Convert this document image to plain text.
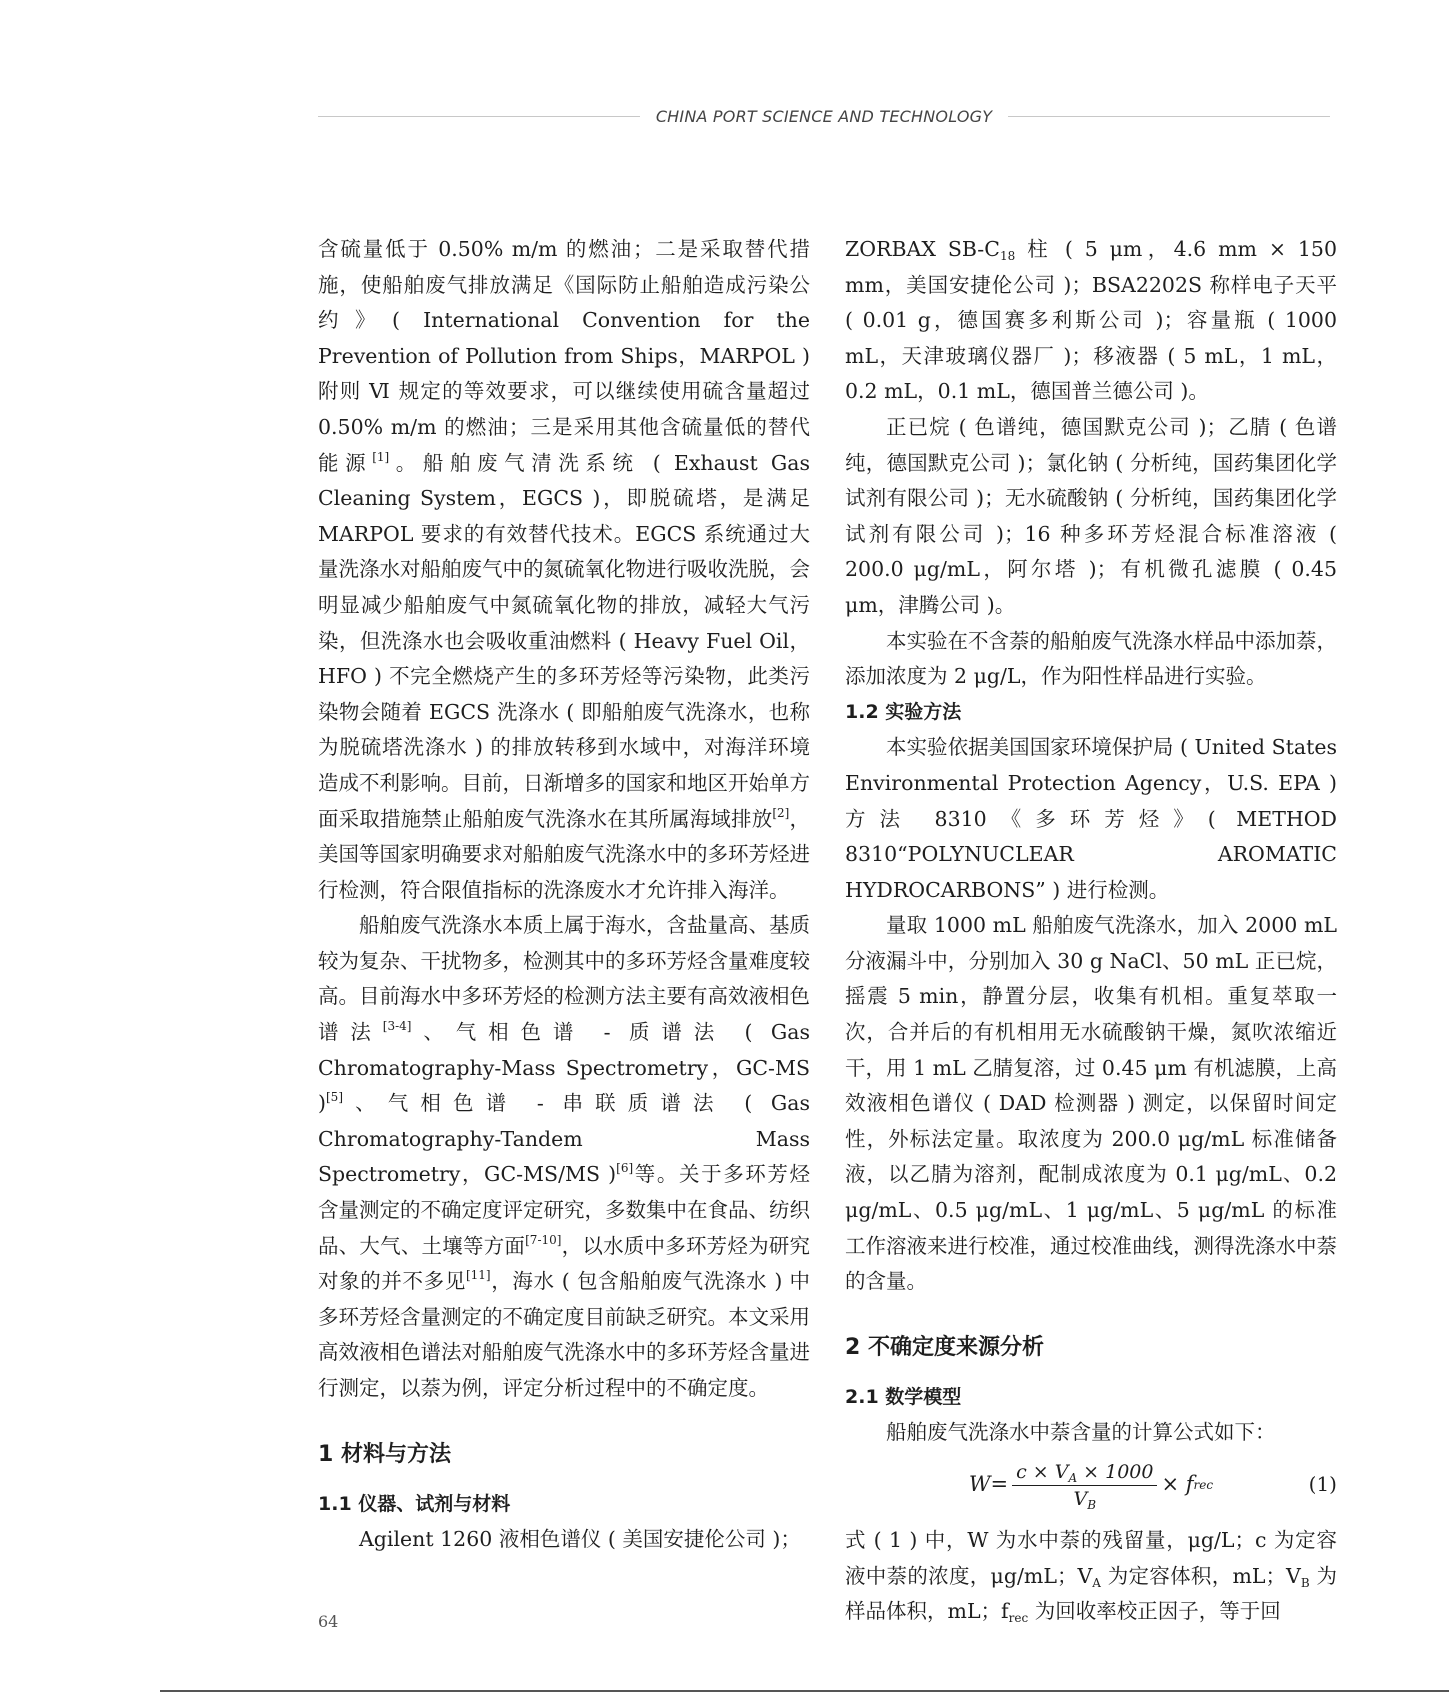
CHINA PORT SCIENCE AND TECHNOLOGY

含硫量低于 0.50% m/m 的燃油；二是采取替代措施，使船舶废气排放满足《国际防止船舶造成污染公约》( International Convention for the Prevention of Pollution from Ships，MARPOL ) 附则 Ⅵ 规定的等效要求，可以继续使用硫含量超过 0.50% m/m 的燃油；三是采用其他含硫量低的替代能源[1]。船舶废气清洗系统 ( Exhaust Gas Cleaning System，EGCS )，即脱硫塔，是满足 MARPOL 要求的有效替代技术。EGCS 系统通过大量洗涤水对船舶废气中的氮硫氧化物进行吸收洗脱，会明显减少船舶废气中氮硫氧化物的排放，减轻大气污染，但洗涤水也会吸收重油燃料 ( Heavy Fuel Oil，HFO ) 不完全燃烧产生的多环芳烃等污染物，此类污染物会随着 EGCS 洗涤水 ( 即船舶废气洗涤水，也称为脱硫塔洗涤水 ) 的排放转移到水域中，对海洋环境造成不利影响。目前，日渐增多的国家和地区开始单方面采取措施禁止船舶废气洗涤水在其所属海域排放[2]，美国等国家明确要求对船舶废气洗涤水中的多环芳烃进行检测，符合限值指标的洗涤废水才允许排入海洋。

船舶废气洗涤水本质上属于海水，含盐量高、基质较为复杂、干扰物多，检测其中的多环芳烃含量难度较高。目前海水中多环芳烃的检测方法主要有高效液相色谱法[3-4]、气相色谱 - 质谱法 ( Gas Chromatography-Mass Spectrometry，GC-MS )[5]、气相色谱 - 串联质谱法 ( Gas Chromatography-Tandem Mass Spectrometry，GC-MS/MS )[6]等。关于多环芳烃含量测定的不确定度评定研究，多数集中在食品、纺织品、大气、土壤等方面[7-10]，以水质中多环芳烃为研究对象的并不多见[11]，海水 ( 包含船舶废气洗涤水 ) 中多环芳烃含量测定的不确定度目前缺乏研究。本文采用高效液相色谱法对船舶废气洗涤水中的多环芳烃含量进行测定，以萘为例，评定分析过程中的不确定度。

1 材料与方法
1.1 仪器、试剂与材料

Agilent 1260 液相色谱仪 ( 美国安捷伦公司 )；

ZORBAX $SB-C_{18}$ 柱 ( 5 μm，4.6 mm × 150 mm，美国安捷伦公司 )；BSA2202S 称样电子天平 ( 0.01 g，德国赛多利斯公司 )；容量瓶 ( 1000 mL，天津玻璃仪器厂 )；移液器 ( 5 mL，1 mL，0.2 mL，0.1 mL，德国普兰德公司 )。

正已烷 ( 色谱纯，德国默克公司 )；乙腈 ( 色谱纯，德国默克公司 )；氯化钠 ( 分析纯，国药集团化学试剂有限公司 )；无水硫酸钠 ( 分析纯，国药集团化学试剂有限公司 )；16 种多环芳烃混合标准溶液 ( 200.0 μg/mL，阿尔塔 )；有机微孔滤膜 ( 0.45 μm，津腾公司 )。

本实验在不含萘的船舶废气洗涤水样品中添加萘，添加浓度为 2 μg/L，作为阳性样品进行实验。

1.2 实验方法

本实验依据美国国家环境保护局 ( United States Environmental Protection Agency，U.S. EPA ) 方法 8310《多环芳烃》( METHOD 8310“POLYNUCLEAR AROMATIC HYDROCARBONS” ) 进行检测。

量取 1000 mL 船舶废气洗涤水，加入 2000 mL 分液漏斗中，分别加入 30 g NaCl、50 mL 正已烷，摇震 5 min，静置分层，收集有机相。重复萃取一次，合并后的有机相用无水硫酸钠干燥，氮吹浓缩近干，用 1 mL 乙腈复溶，过 0.45 μm 有机滤膜，上高效液相色谱仪 ( DAD 检测器 ) 测定，以保留时间定性，外标法定量。取浓度为 200.0 μg/mL 标准储备液，以乙腈为溶剂，配制成浓度为 0.1 μg/mL、0.2 μg/mL、0.5 μg/mL、1 μg/mL、5 μg/mL 的标准工作溶液来进行校准，通过校准曲线，测得洗涤水中萘的含量。

2 不确定度来源分析
2.1 数学模型

船舶废气洗涤水中萘含量的计算公式如下：

$W= \frac{c \times V_A \times 1000}{V_B} \times f$ rec	(1)

式 ( 1 ) 中，W 为水中萘的残留量，μg/L；c 为定容液中萘的浓度，μg/mL；$V_A$ 为定容体积，mL；$V_B$ 为样品体积，mL；$f_{rec}$ 为回收率校正因子，等于回

64
